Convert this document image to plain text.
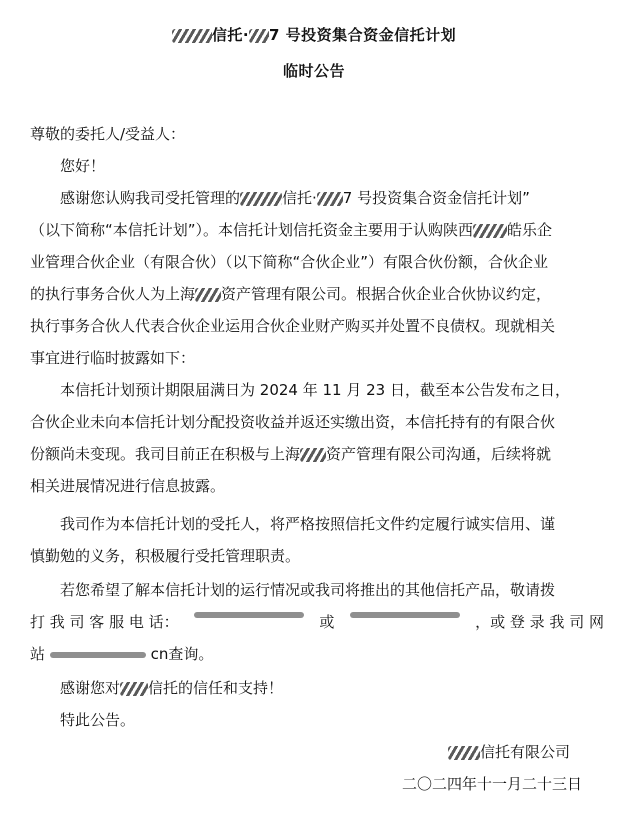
信托· 7 号投资集合资金信托计划
临时公告
尊敬的委托人/受益人：
您好！
感谢您认购我司受托管理的	信托· 7 号投资集合资金信托计划”
（以下简称“本信托计划”）。本信托计划信托资金主要用于认购陕西 皓乐企
业管理合伙企业（有限合伙）（以下简称“合伙企业”）有限合伙份额，合伙企业
的执行事务合伙人为上海 资产管理有限公司。根据合伙企业合伙协议约定，
执行事务合伙人代表合伙企业运用合伙企业财产购买并处置不良债权。现就相关
事宜进行临时披露如下：
本信托计划预计期限届满日为 2024 年 11 月 23 日，截至本公告发布之日，
合伙企业未向本信托计划分配投资收益并返还实缴出资，本信托持有的有限合伙
份额尚未变现。我司目前正在积极与上海 资产管理有限公司沟通，后续将就
相关进展情况进行信息披露。
我司作为本信托计划的受托人，将严格按照信托文件约定履行诚实信用、谨
慎勤勉的义务，积极履行受托管理职责。
若您希望了解本信托计划的运行情况或我司将推出的其他信托产品，敬请拨
打 我 司 客 服 电 话：	或	，或 登 录 我 司 网
站	cn查询。
感谢您对 信托的信任和支持！
特此公告。
信托有限公司
二〇二四年十一月二十三日
